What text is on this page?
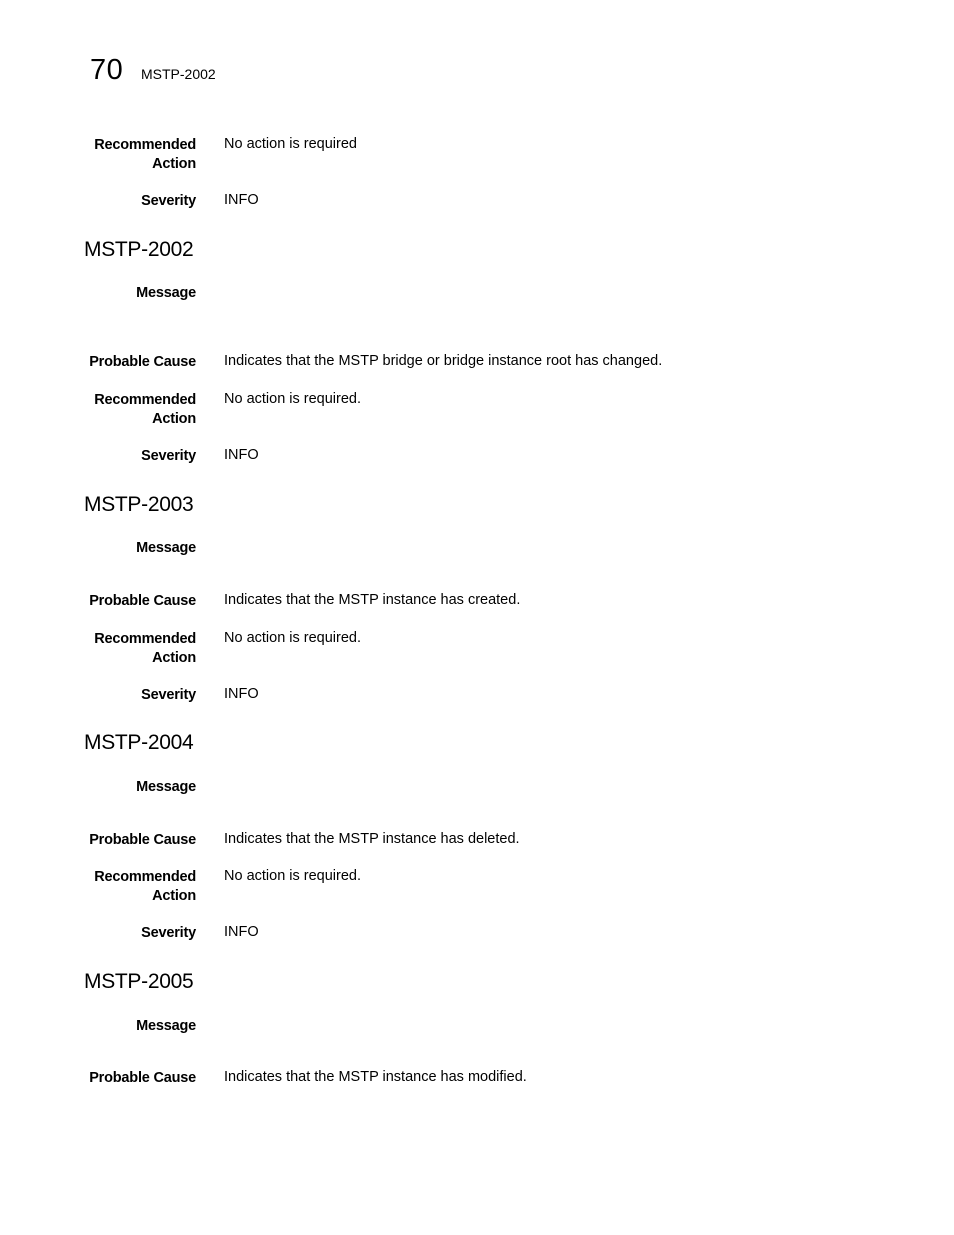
70 MSTP-2002
Recommended
Action
No action is required
Severity INFO
MSTP-2002
Message
Probable Cause Indicates that the MSTP bridge or bridge instance root has changed.
Recommended
Action
No action is required.
Severity INFO
MSTP-2003
Message
Probable Cause Indicates that the MSTP instance has created.
Recommended
Action
No action is required.
Severity INFO
MSTP-2004
Message
Probable Cause Indicates that the MSTP instance has deleted.
Recommended
Action
No action is required.
Severity INFO
MSTP-2005
Message
Probable Cause Indicates that the MSTP instance has modified.
